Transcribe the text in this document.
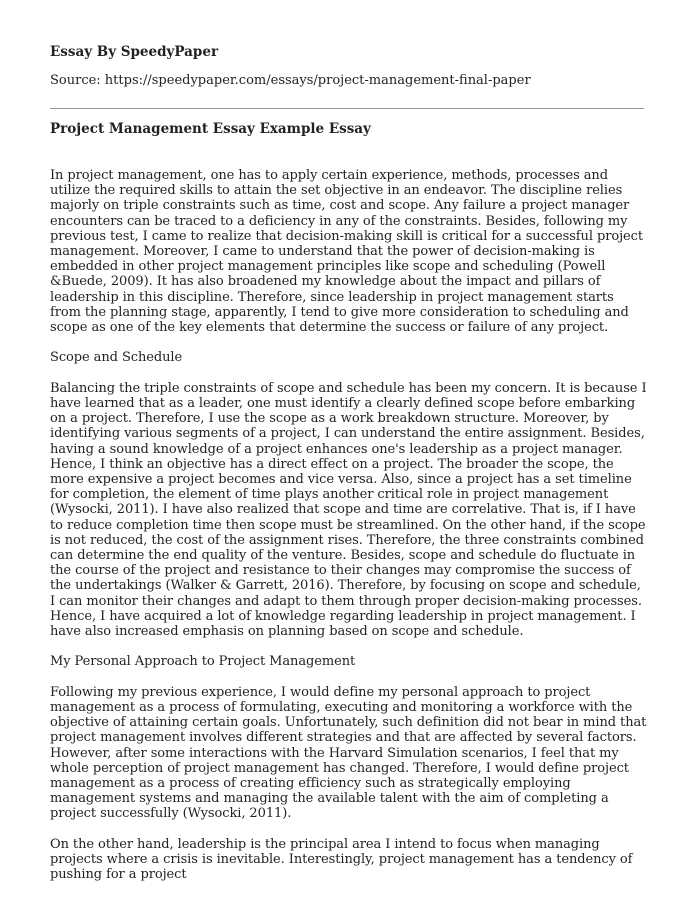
Essay By SpeedyPaper
Source: https://speedypaper.com/essays/project-management-final-paper
Project Management Essay Example Essay

In project management, one has to apply certain experience, methods, processes and utilize the required skills to attain the set objective in an endeavor. The discipline relies majorly on triple constraints such as time, cost and scope. Any failure a project manager encounters can be traced to a deficiency in any of the constraints. Besides, following my previous test, I came to realize that decision-making skill is critical for a successful project management. Moreover, I came to understand that the power of decision-making is embedded in other project management principles like scope and scheduling (Powell &Buede, 2009). It has also broadened my knowledge about the impact and pillars of leadership in this discipline. Therefore, since leadership in project management starts from the planning stage, apparently, I tend to give more consideration to scheduling and scope as one of the key elements that determine the success or failure of any project.

Scope and Schedule

Balancing the triple constraints of scope and schedule has been my concern. It is because I have learned that as a leader, one must identify a clearly defined scope before embarking on a project. Therefore, I use the scope as a work breakdown structure. Moreover, by identifying various segments of a project, I can understand the entire assignment. Besides, having a sound knowledge of a project enhances one's leadership as a project manager. Hence, I think an objective has a direct effect on a project. The broader the scope, the more expensive a project becomes and vice versa. Also, since a project has a set timeline for completion, the element of time plays another critical role in project management (Wysocki, 2011). I have also realized that scope and time are correlative. That is, if I have to reduce completion time then scope must be streamlined. On the other hand, if the scope is not reduced, the cost of the assignment rises. Therefore, the three constraints combined can determine the end quality of the venture. Besides, scope and schedule do fluctuate in the course of the project and resistance to their changes may compromise the success of the undertakings (Walker & Garrett, 2016). Therefore, by focusing on scope and schedule, I can monitor their changes and adapt to them through proper decision-making processes. Hence, I have acquired a lot of knowledge regarding leadership in project management. I have also increased emphasis on planning based on scope and schedule.

My Personal Approach to Project Management

Following my previous experience, I would define my personal approach to project management as a process of formulating, executing and monitoring a workforce with the objective of attaining certain goals. Unfortunately, such definition did not bear in mind that project management involves different strategies and that are affected by several factors. However, after some interactions with the Harvard Simulation scenarios, I feel that my whole perception of project management has changed. Therefore, I would define project management as a process of creating efficiency such as strategically employing management systems and managing the available talent with the aim of completing a project successfully (Wysocki, 2011).

On the other hand, leadership is the principal area I intend to focus when managing projects where a crisis is inevitable. Interestingly, project management has a tendency of pushing for a project
